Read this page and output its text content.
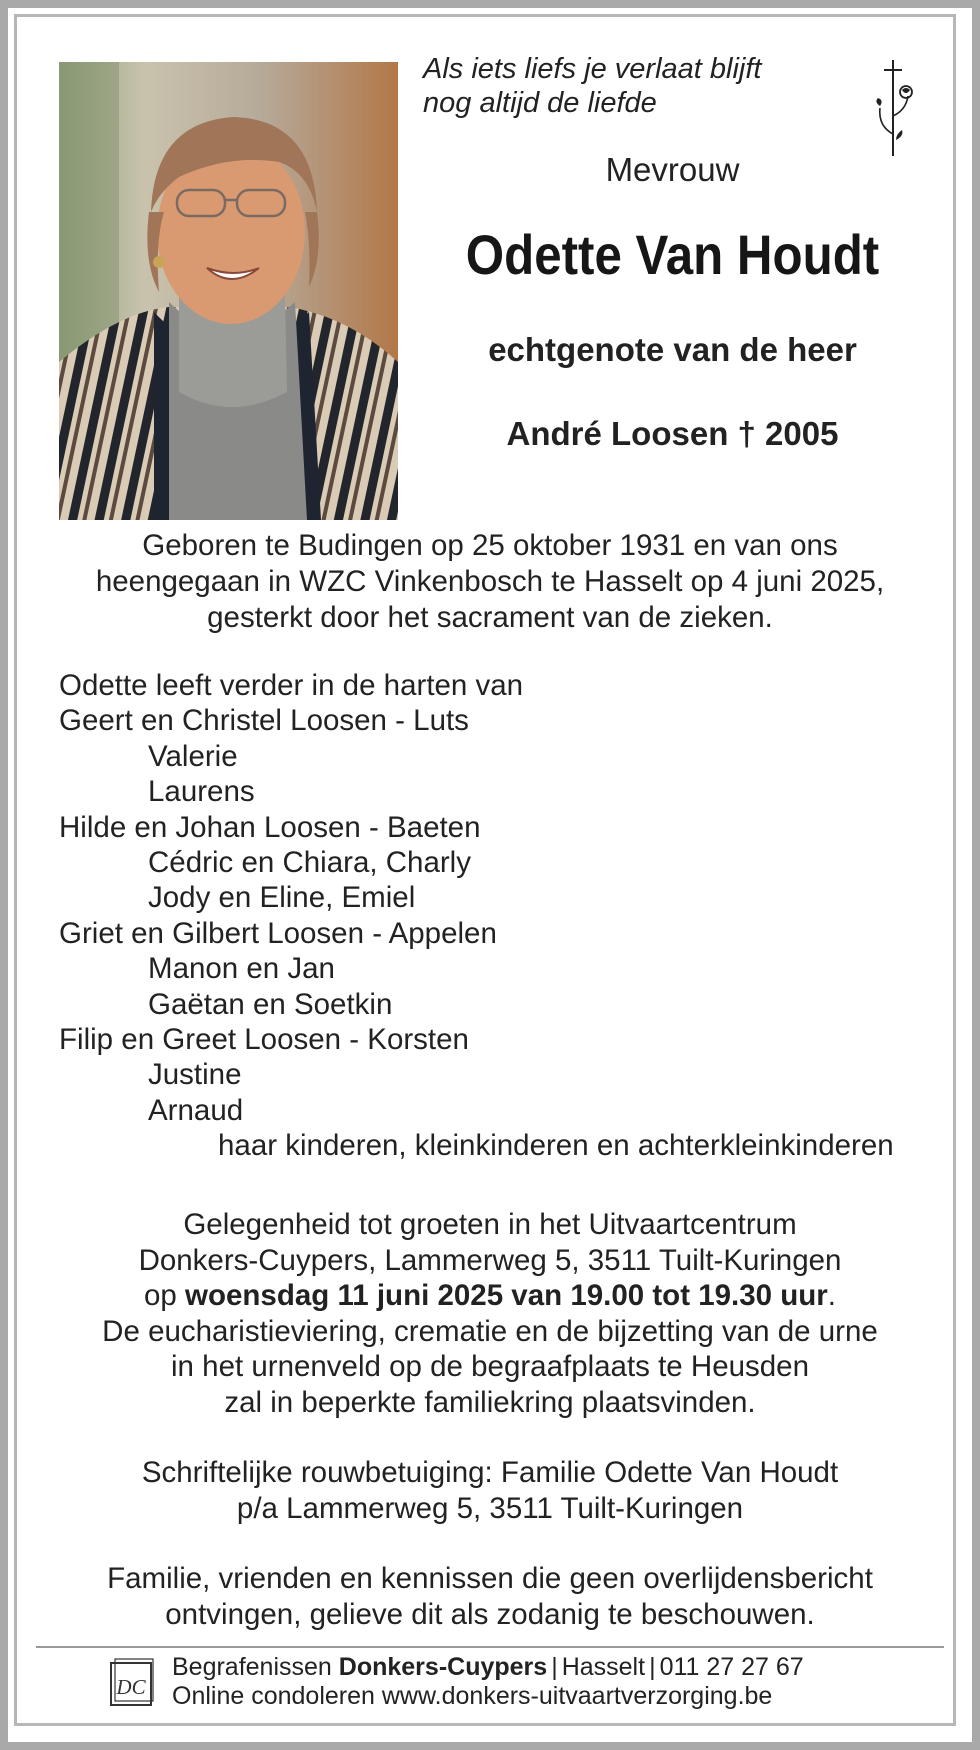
Als iets liefs je verlaat blijft
nog altijd de liefde
Mevrouw
Odette Van Houdt
echtgenote van de heer
André Loosen † 2005
Geboren te Budingen op 25 oktober 1931 en van ons
heengegaan in WZC Vinkenbosch te Hasselt op 4 juni 2025,
gesterkt door het sacrament van de zieken.
Odette leeft verder in de harten van
Geert en Christel Loosen - Luts
Valerie
Laurens
Hilde en Johan Loosen - Baeten
Cédric en Chiara, Charly
Jody en Eline, Emiel
Griet en Gilbert Loosen - Appelen
Manon en Jan
Gaëtan en Soetkin
Filip en Greet Loosen - Korsten
Justine
Arnaud
haar kinderen, kleinkinderen en achterkleinkinderen
Gelegenheid tot groeten in het Uitvaartcentrum
Donkers-Cuypers, Lammerweg 5, 3511 Tuilt-Kuringen
op woensdag 11 juni 2025 van 19.00 tot 19.30 uur.
De eucharistieviering, crematie en de bijzetting van de urne
in het urnenveld op de begraafplaats te Heusden
zal in beperkte familiekring plaatsvinden.
Schriftelijke rouwbetuiging: Familie Odette Van Houdt
p/a Lammerweg 5, 3511 Tuilt-Kuringen
Familie, vrienden en kennissen die geen overlijdensbericht
ontvingen, gelieve dit als zodanig te beschouwen.
DC
Begrafenissen Donkers-Cuypers | Hasselt | 011 27 27 67
Online condoleren www.donkers-uitvaartverzorging.be
